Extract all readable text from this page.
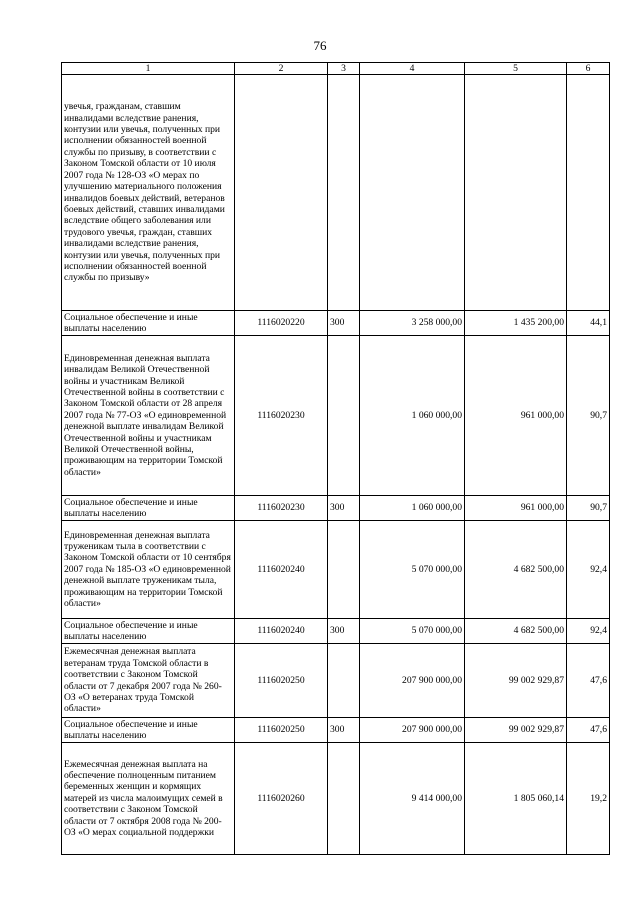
76
1	2	3	4	5	6
увечья, гражданам, ставшим инвалидами вследствие ранения, контузии или увечья, полученных при исполнении обязанностей военной службы по призыву, в соответствии с Законом Томской области от 10 июля 2007 года № 128-ОЗ «О мерах по улучшению материального положения инвалидов боевых действий, ветеранов боевых действий, ставших инвалидами вследствие общего заболевания или трудового увечья, граждан, ставших инвалидами вследствие ранения, контузии или увечья, полученных при исполнении обязанностей военной службы по призыву»					
Социальное обеспечение и иные выплаты населению	1116020220	300	3 258 000,00	1 435 200,00	44,1
Единовременная денежная выплата инвалидам Великой Отечественной войны и участникам Великой Отечественной войны в соответствии с Законом Томской области от 28 апреля 2007 года № 77-ОЗ «О единовременной денежной выплате инвалидам Великой Отечественной войны и участникам Великой Отечественной войны, проживающим на территории Томской области»	1116020230		1 060 000,00	961 000,00	90,7
Социальное обеспечение и иные выплаты населению	1116020230	300	1 060 000,00	961 000,00	90,7
Единовременная денежная выплата труженикам тыла в соответствии с Законом Томской области от 10 сентября 2007 года № 185-ОЗ «О единовременной денежной выплате труженикам тыла, проживающим на территории Томской области»	1116020240		5 070 000,00	4 682 500,00	92,4
Социальное обеспечение и иные выплаты населению	1116020240	300	5 070 000,00	4 682 500,00	92,4
Ежемесячная денежная выплата ветеранам труда Томской области в соответствии с Законом Томской области от 7 декабря 2007 года № 260-ОЗ «О ветеранах труда Томской области»	1116020250		207 900 000,00	99 002 929,87	47,6
Социальное обеспечение и иные выплаты населению	1116020250	300	207 900 000,00	99 002 929,87	47,6
Ежемесячная денежная выплата на обеспечение полноценным питанием беременных женщин и кормящих матерей из числа малоимущих семей в соответствии с Законом Томской области от 7 октября 2008 года № 200-ОЗ «О мерах социальной поддержки	1116020260		9 414 000,00	1 805 060,14	19,2
